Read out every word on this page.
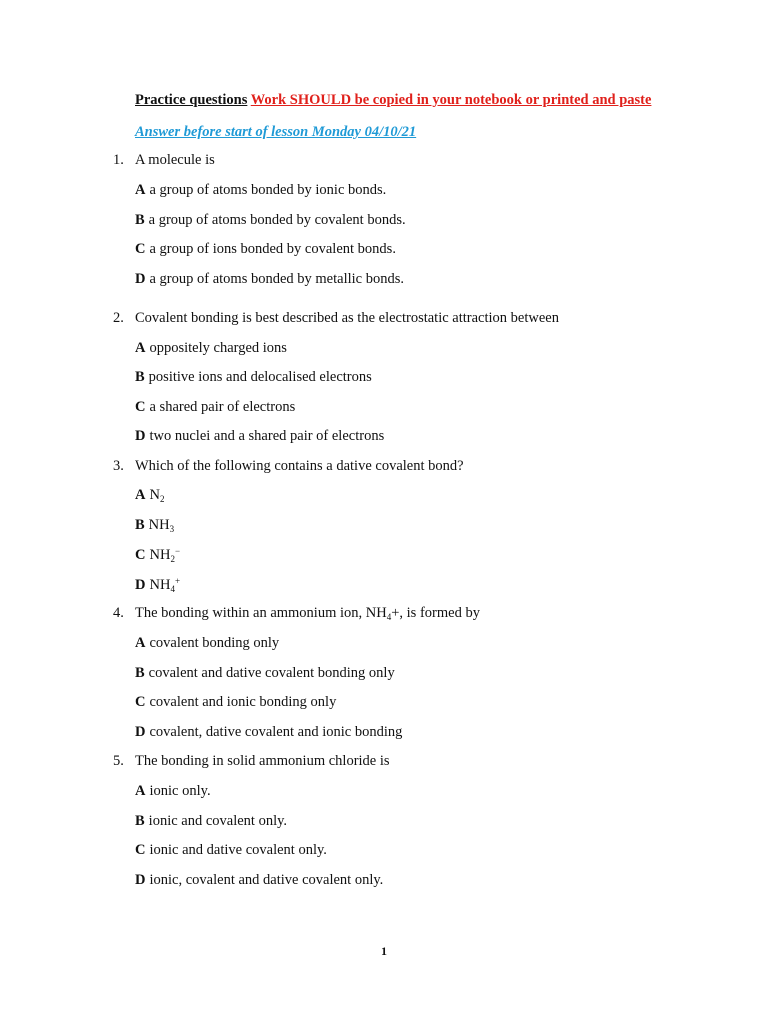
Practice questions Work SHOULD be copied in your notebook or printed and paste
Answer before start of lesson Monday 04/10/21
1. A molecule is
A a group of atoms bonded by ionic bonds.
B a group of atoms bonded by covalent bonds.
C a group of ions bonded by covalent bonds.
D a group of atoms bonded by metallic bonds.
2. Covalent bonding is best described as the electrostatic attraction between
A oppositely charged ions
B positive ions and delocalised electrons
C a shared pair of electrons
D two nuclei and a shared pair of electrons
3. Which of the following contains a dative covalent bond?
A $N_2$
B $NH_3$
C $NH_2^-$
D $NH_4^+$
4. The bonding within an ammonium ion, $NH_4+$, is formed by
A covalent bonding only
B covalent and dative covalent bonding only
C covalent and ionic bonding only
D covalent, dative covalent and ionic bonding
5. The bonding in solid ammonium chloride is
A ionic only.
B ionic and covalent only.
C ionic and dative covalent only.
D ionic, covalent and dative covalent only.
1
